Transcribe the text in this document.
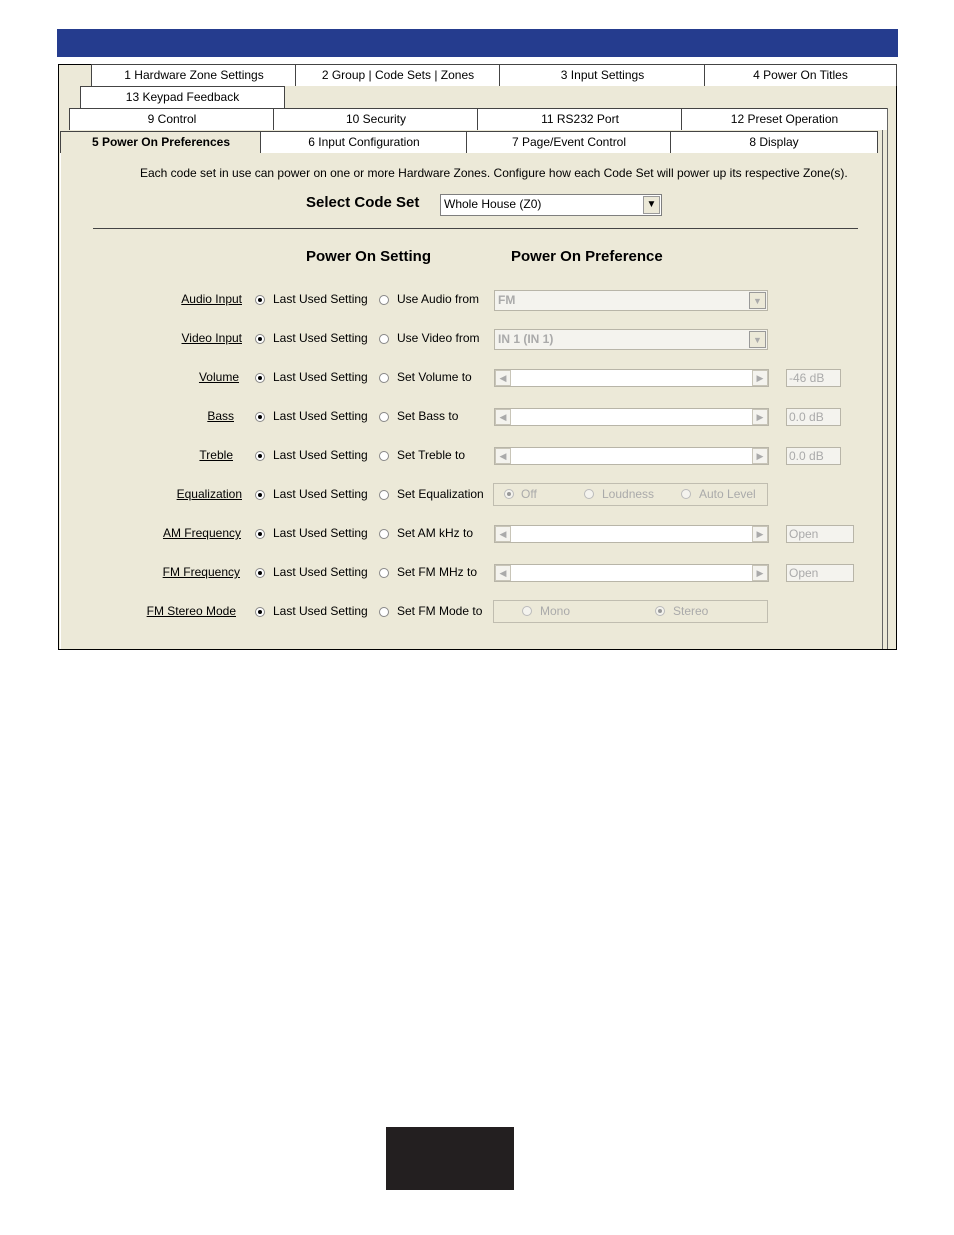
1 Hardware Zone Settings	2 Group | Code Sets | Zones	3 Input Settings	4 Power On Titles
13 Keypad Feedback
9 Control	10 Security	11 RS232 Port	12 Preset Operation
5 Power On Preferences	6 Input Configuration	7 Page/Event Control	8 Display
Each code set in use can power on one or more Hardware Zones. Configure how each Code Set will power up its respective Zone(s).
Select Code Set	Whole House (Z0)	▼
Power On Setting	Power On Preference
Audio Input	Last Used Setting Use Audio from	FM	▼
Video Input	Last Used Setting Use Video from	IN 1 (IN 1)	▼
Volume	Last Used Setting Set Volume to	◀	▶	-46 dB
Bass	Last Used Setting Set Bass to	◀	▶	0.0 dB
Treble	Last Used Setting Set Treble to	◀	▶	0.0 dB
Equalization	Last Used Setting Set Equalization	Off	Loudness	Auto Level
AM Frequency	Last Used Setting Set AM kHz to	◀	▶	Open
FM Frequency	Last Used Setting Set FM MHz to	◀	▶	Open
FM Stereo Mode	Last Used Setting Set FM Mode to	Mono	Stereo
